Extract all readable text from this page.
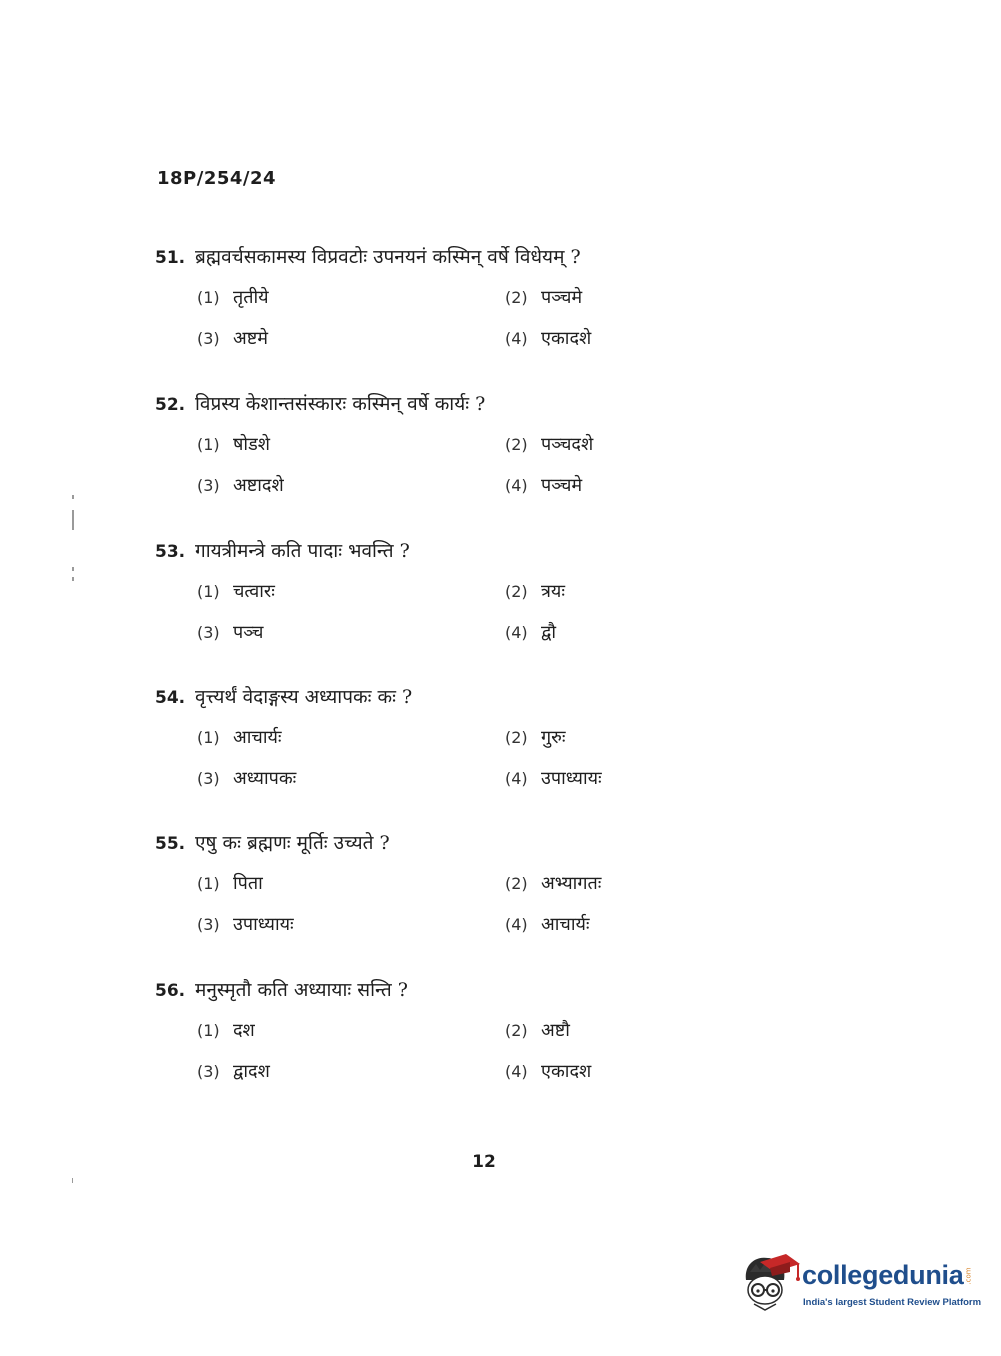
18P/254/24
51. ब्रह्मवर्चसकामस्य विप्रवटोः उपनयनं कस्मिन् वर्षे विधेयम् ?
(1) तृतीये	(2) पञ्चमे
(3) अष्टमे	(4) एकादशे
52. विप्रस्य केशान्तसंस्कारः कस्मिन् वर्षे कार्यः ?
(1) षोडशे	(2) पञ्चदशे
(3) अष्टादशे	(4) पञ्चमे
53. गायत्रीमन्त्रे कति पादाः भवन्ति ?
(1) चत्वारः	(2) त्रयः
(3) पञ्च	(4) द्वौ
54. वृत्त्यर्थं वेदाङ्गस्य अध्यापकः कः ?
(1) आचार्यः	(2) गुरुः
(3) अध्यापकः	(4) उपाध्यायः
55. एषु कः ब्रह्मणः मूर्तिः उच्यते ?
(1) पिता	(2) अभ्यागतः
(3) उपाध्यायः	(4) आचार्यः
56. मनुस्मृतौ कति अध्यायाः सन्ति ?
(1) दश	(2) अष्टौ
(3) द्वादश	(4) एकादश
12
collegedunia .com
India's largest Student Review Platform
